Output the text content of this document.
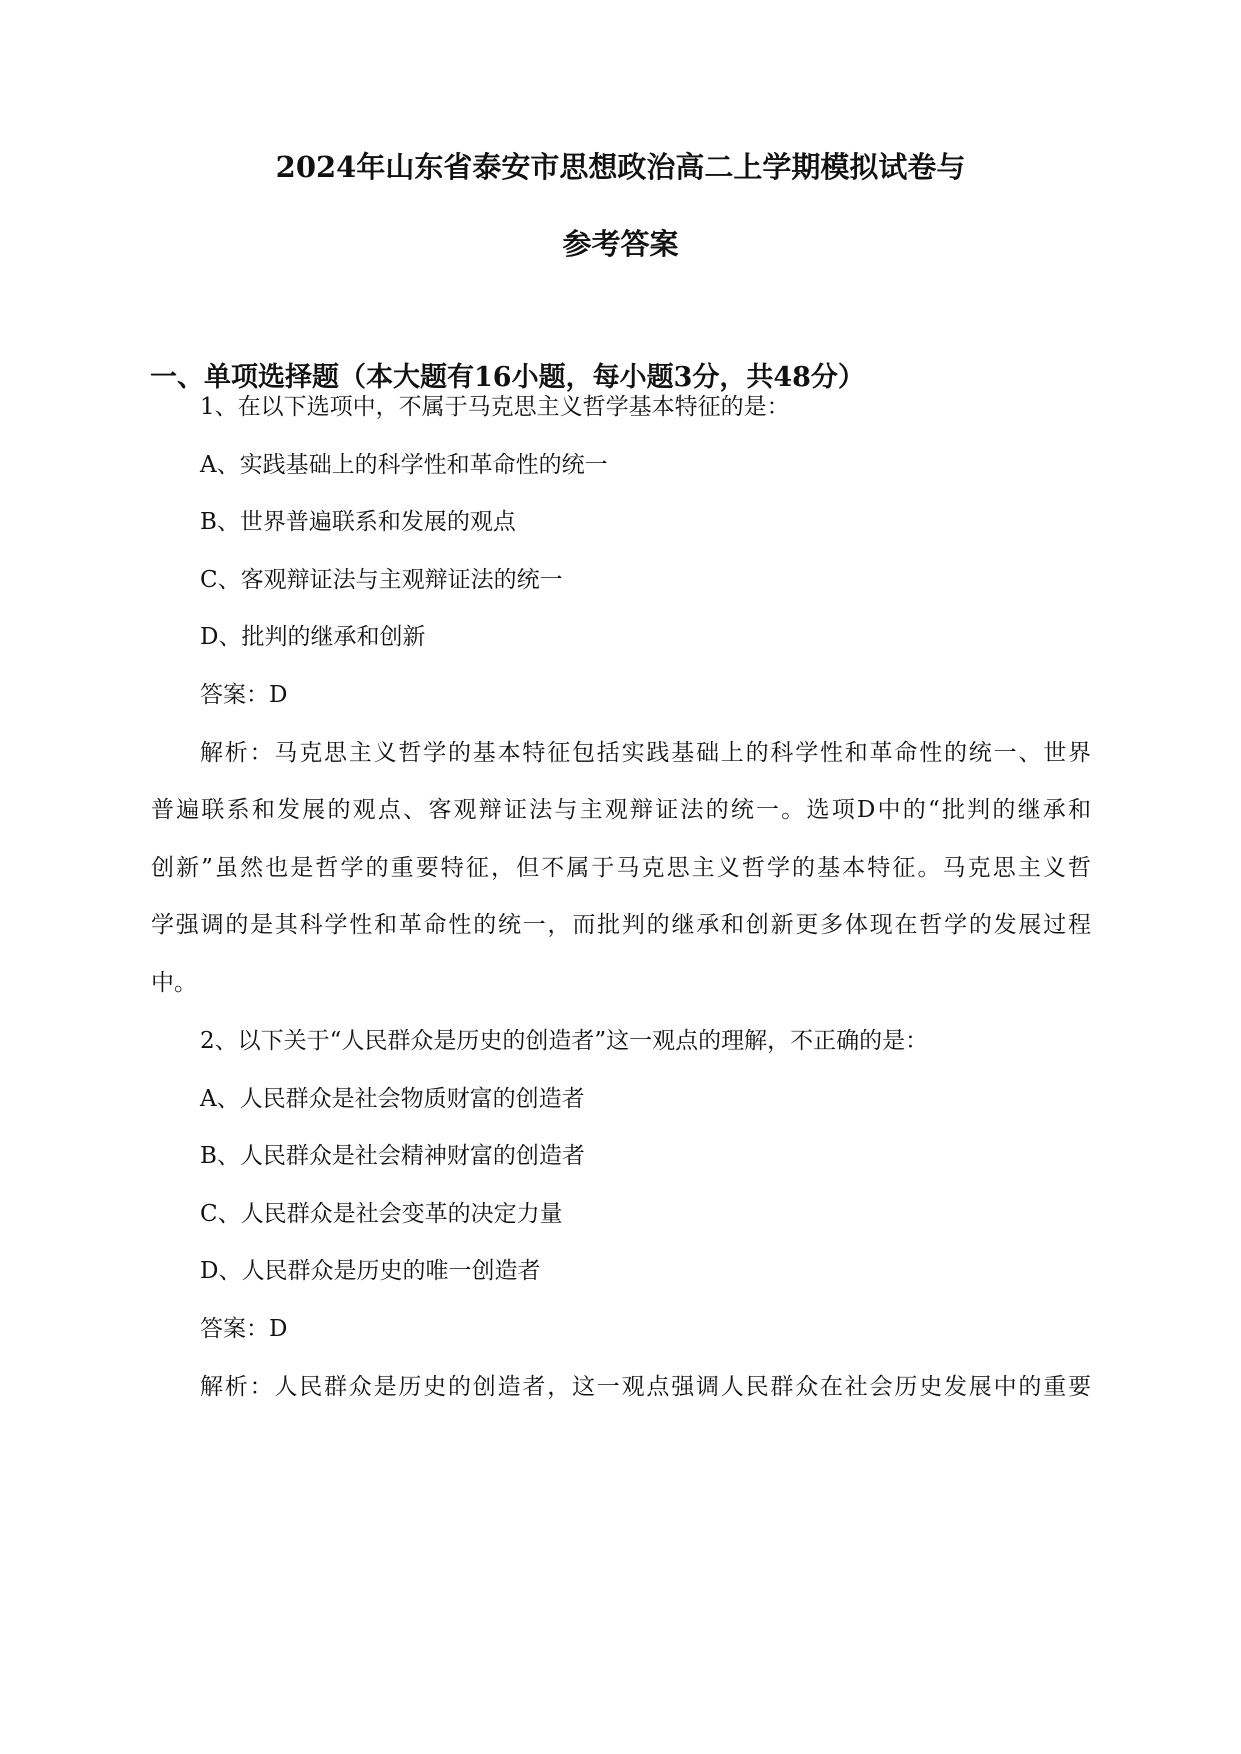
2024年山东省泰安市思想政治高二上学期模拟试卷与
参考答案
一、单项选择题（本大题有16小题，每小题3分，共48分）
1、在以下选项中，不属于马克思主义哲学基本特征的是：
A、实践基础上的科学性和革命性的统一
B、世界普遍联系和发展的观点
C、客观辩证法与主观辩证法的统一
D、批判的继承和创新
答案：D
解析：马克思主义哲学的基本特征包括实践基础上的科学性和革命性的统一、世界
普遍联系和发展的观点、客观辩证法与主观辩证法的统一。选项D中的“批判的继承和
创新”虽然也是哲学的重要特征，但不属于马克思主义哲学的基本特征。马克思主义哲
学强调的是其科学性和革命性的统一，而批判的继承和创新更多体现在哲学的发展过程
中。
2、以下关于“人民群众是历史的创造者”这一观点的理解，不正确的是：
A、人民群众是社会物质财富的创造者
B、人民群众是社会精神财富的创造者
C、人民群众是社会变革的决定力量
D、人民群众是历史的唯一创造者
答案：D
解析：人民群众是历史的创造者，这一观点强调人民群众在社会历史发展中的重要
